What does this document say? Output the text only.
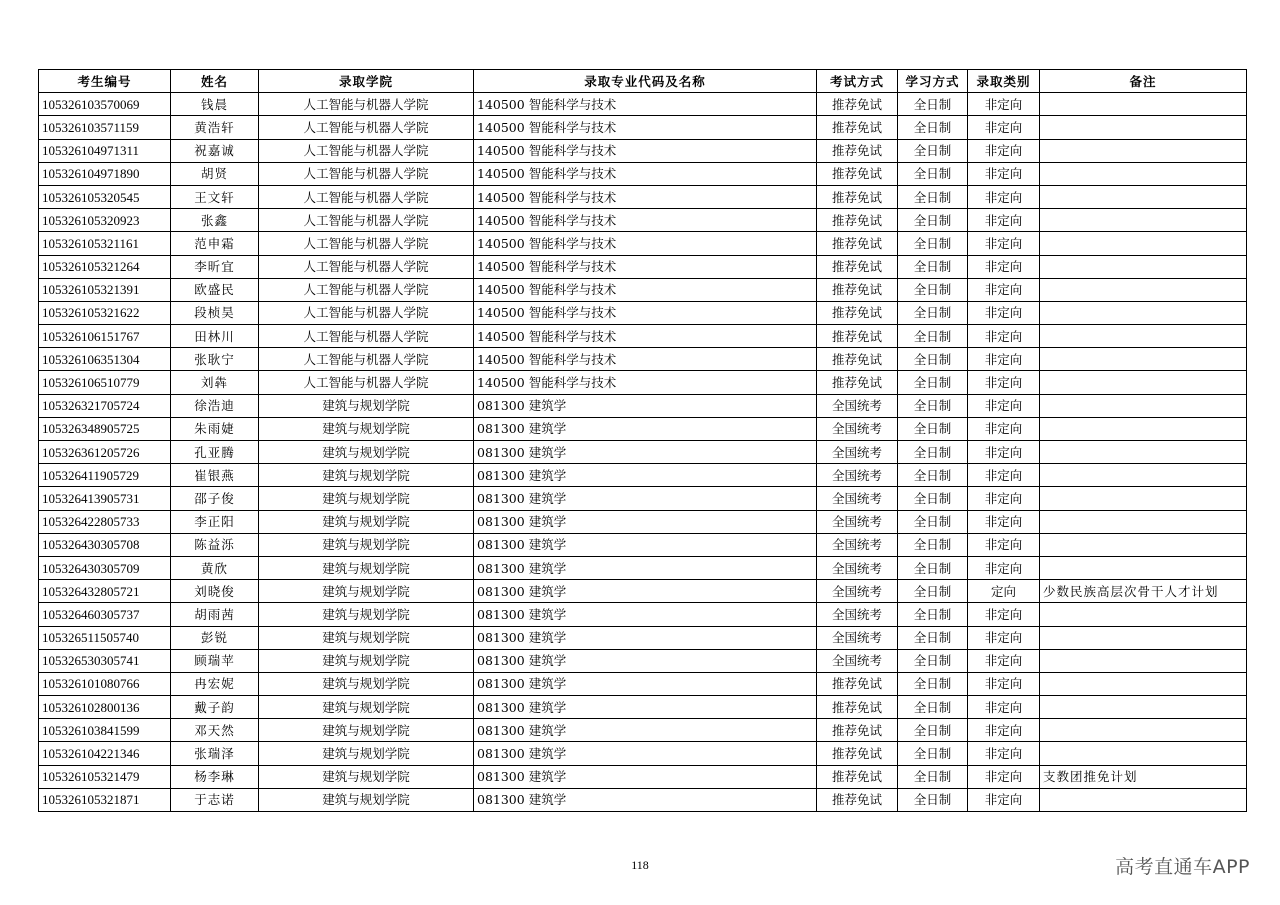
考生编号	姓名	录取学院	录取专业代码及名称	考试方式	学习方式	录取类别	备注
105326103570069	钱晨	人工智能与机器人学院	140500 智能科学与技术	推荐免试	全日制	非定向	
105326103571159	黄浩轩	人工智能与机器人学院	140500 智能科学与技术	推荐免试	全日制	非定向	
105326104971311	祝嘉诚	人工智能与机器人学院	140500 智能科学与技术	推荐免试	全日制	非定向	
105326104971890	胡贤	人工智能与机器人学院	140500 智能科学与技术	推荐免试	全日制	非定向	
105326105320545	王文轩	人工智能与机器人学院	140500 智能科学与技术	推荐免试	全日制	非定向	
105326105320923	张鑫	人工智能与机器人学院	140500 智能科学与技术	推荐免试	全日制	非定向	
105326105321161	范申霜	人工智能与机器人学院	140500 智能科学与技术	推荐免试	全日制	非定向	
105326105321264	李昕宜	人工智能与机器人学院	140500 智能科学与技术	推荐免试	全日制	非定向	
105326105321391	欧盛民	人工智能与机器人学院	140500 智能科学与技术	推荐免试	全日制	非定向	
105326105321622	段桢昊	人工智能与机器人学院	140500 智能科学与技术	推荐免试	全日制	非定向	
105326106151767	田林川	人工智能与机器人学院	140500 智能科学与技术	推荐免试	全日制	非定向	
105326106351304	张耿宁	人工智能与机器人学院	140500 智能科学与技术	推荐免试	全日制	非定向	
105326106510779	刘犇	人工智能与机器人学院	140500 智能科学与技术	推荐免试	全日制	非定向	
105326321705724	徐浩迪	建筑与规划学院	081300 建筑学	全国统考	全日制	非定向	
105326348905725	朱雨婕	建筑与规划学院	081300 建筑学	全国统考	全日制	非定向	
105326361205726	孔亚腾	建筑与规划学院	081300 建筑学	全国统考	全日制	非定向	
105326411905729	崔银燕	建筑与规划学院	081300 建筑学	全国统考	全日制	非定向	
105326413905731	邵子俊	建筑与规划学院	081300 建筑学	全国统考	全日制	非定向	
105326422805733	李正阳	建筑与规划学院	081300 建筑学	全国统考	全日制	非定向	
105326430305708	陈益泺	建筑与规划学院	081300 建筑学	全国统考	全日制	非定向	
105326430305709	黄欣	建筑与规划学院	081300 建筑学	全国统考	全日制	非定向	
105326432805721	刘晓俊	建筑与规划学院	081300 建筑学	全国统考	全日制	定向	少数民族高层次骨干人才计划
105326460305737	胡雨茜	建筑与规划学院	081300 建筑学	全国统考	全日制	非定向	
105326511505740	彭锐	建筑与规划学院	081300 建筑学	全国统考	全日制	非定向	
105326530305741	顾瑞苹	建筑与规划学院	081300 建筑学	全国统考	全日制	非定向	
105326101080766	冉宏妮	建筑与规划学院	081300 建筑学	推荐免试	全日制	非定向	
105326102800136	戴子韵	建筑与规划学院	081300 建筑学	推荐免试	全日制	非定向	
105326103841599	邓天然	建筑与规划学院	081300 建筑学	推荐免试	全日制	非定向	
105326104221346	张瑞泽	建筑与规划学院	081300 建筑学	推荐免试	全日制	非定向	
105326105321479	杨李琳	建筑与规划学院	081300 建筑学	推荐免试	全日制	非定向	支教团推免计划
105326105321871	于志诺	建筑与规划学院	081300 建筑学	推荐免试	全日制	非定向	
118	高考直通车APP
